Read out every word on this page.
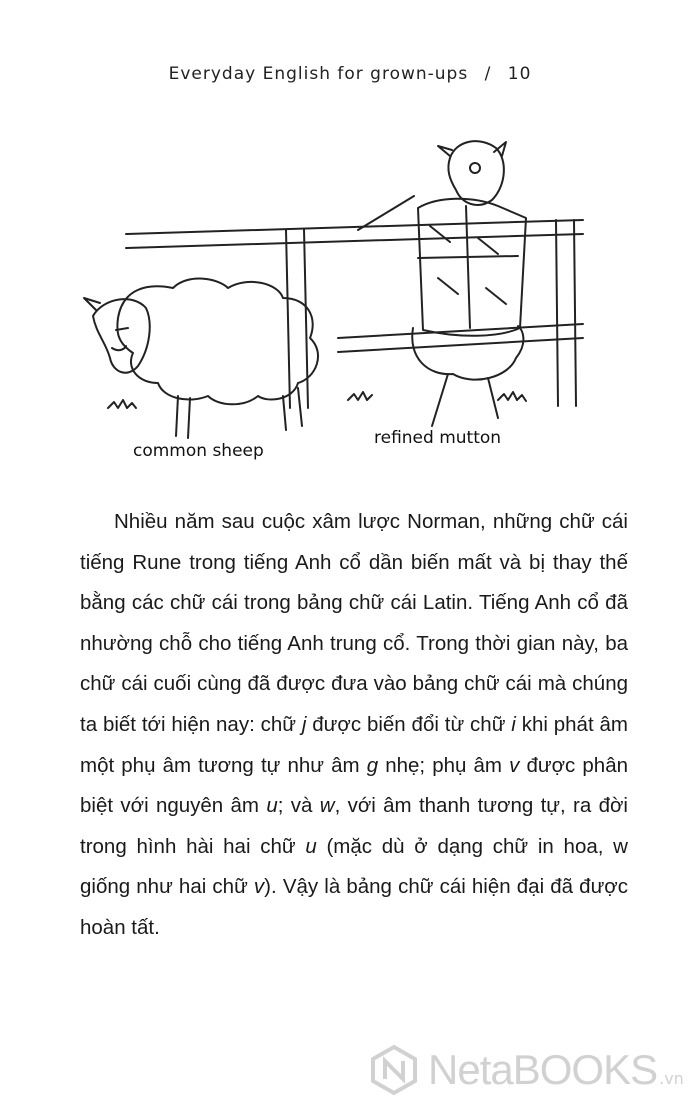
Everyday English for grown-ups / 10
common sheep
refined mutton

Nhiều năm sau cuộc xâm lược Norman, những chữ cái tiếng Rune trong tiếng Anh cổ dần biến mất và bị thay thế bằng các chữ cái trong bảng chữ cái Latin. Tiếng Anh cổ đã nhường chỗ cho tiếng Anh trung cổ. Trong thời gian này, ba chữ cái cuối cùng đã được đưa vào bảng chữ cái mà chúng ta biết tới hiện nay: chữ j được biến đổi từ chữ i khi phát âm một phụ âm tương tự như âm g nhẹ; phụ âm v được phân biệt với nguyên âm u; và w, với âm thanh tương tự, ra đời trong hình hài hai chữ u (mặc dù ở dạng chữ in hoa, w giống như hai chữ v). Vậy là bảng chữ cái hiện đại đã được hoàn tất.

NetaBOOKS .vn
